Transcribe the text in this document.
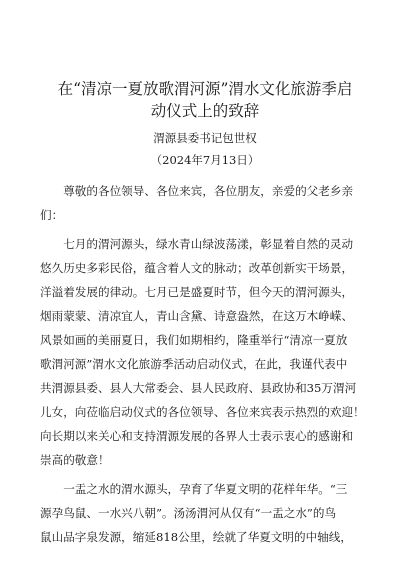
在“清凉一夏放歌渭河源”渭水文化旅游季启
动仪式上的致辞
渭源县委书记包世权
（2024年7月13日）
　　尊敬的各位领导、各位来宾，各位朋友，亲爱的父老乡亲
们：
　　七月的渭河源头，绿水青山绿波荡漾，彰显着自然的灵动
悠久历史多彩民俗，蕴含着人文的脉动；改革创新实干场景，
洋溢着发展的律动。七月已是盛夏时节，但今天的渭河源头，
烟雨蒙蒙、清凉宜人，青山含黛、诗意盎然，在这万木峥嵘、
风景如画的美丽夏日，我们如期相约，隆重举行“清凉一夏放
歌渭河源”渭水文化旅游季活动启动仪式，在此，我谨代表中
共渭源县委、县人大常委会、县人民政府、县政协和35万渭河
儿女，向莅临启动仪式的各位领导、各位来宾表示热烈的欢迎！
向长期以来关心和支持渭源发展的各界人士表示衷心的感谢和
崇高的敬意！
　　一盂之水的渭水源头，孕育了华夏文明的花样年华。“三
源孕鸟鼠、一水兴八朝”。汤汤渭河从仅有“一盂之水”的鸟
鼠山品字泉发源，缩延818公里，绘就了华夏文明的中轴线，
